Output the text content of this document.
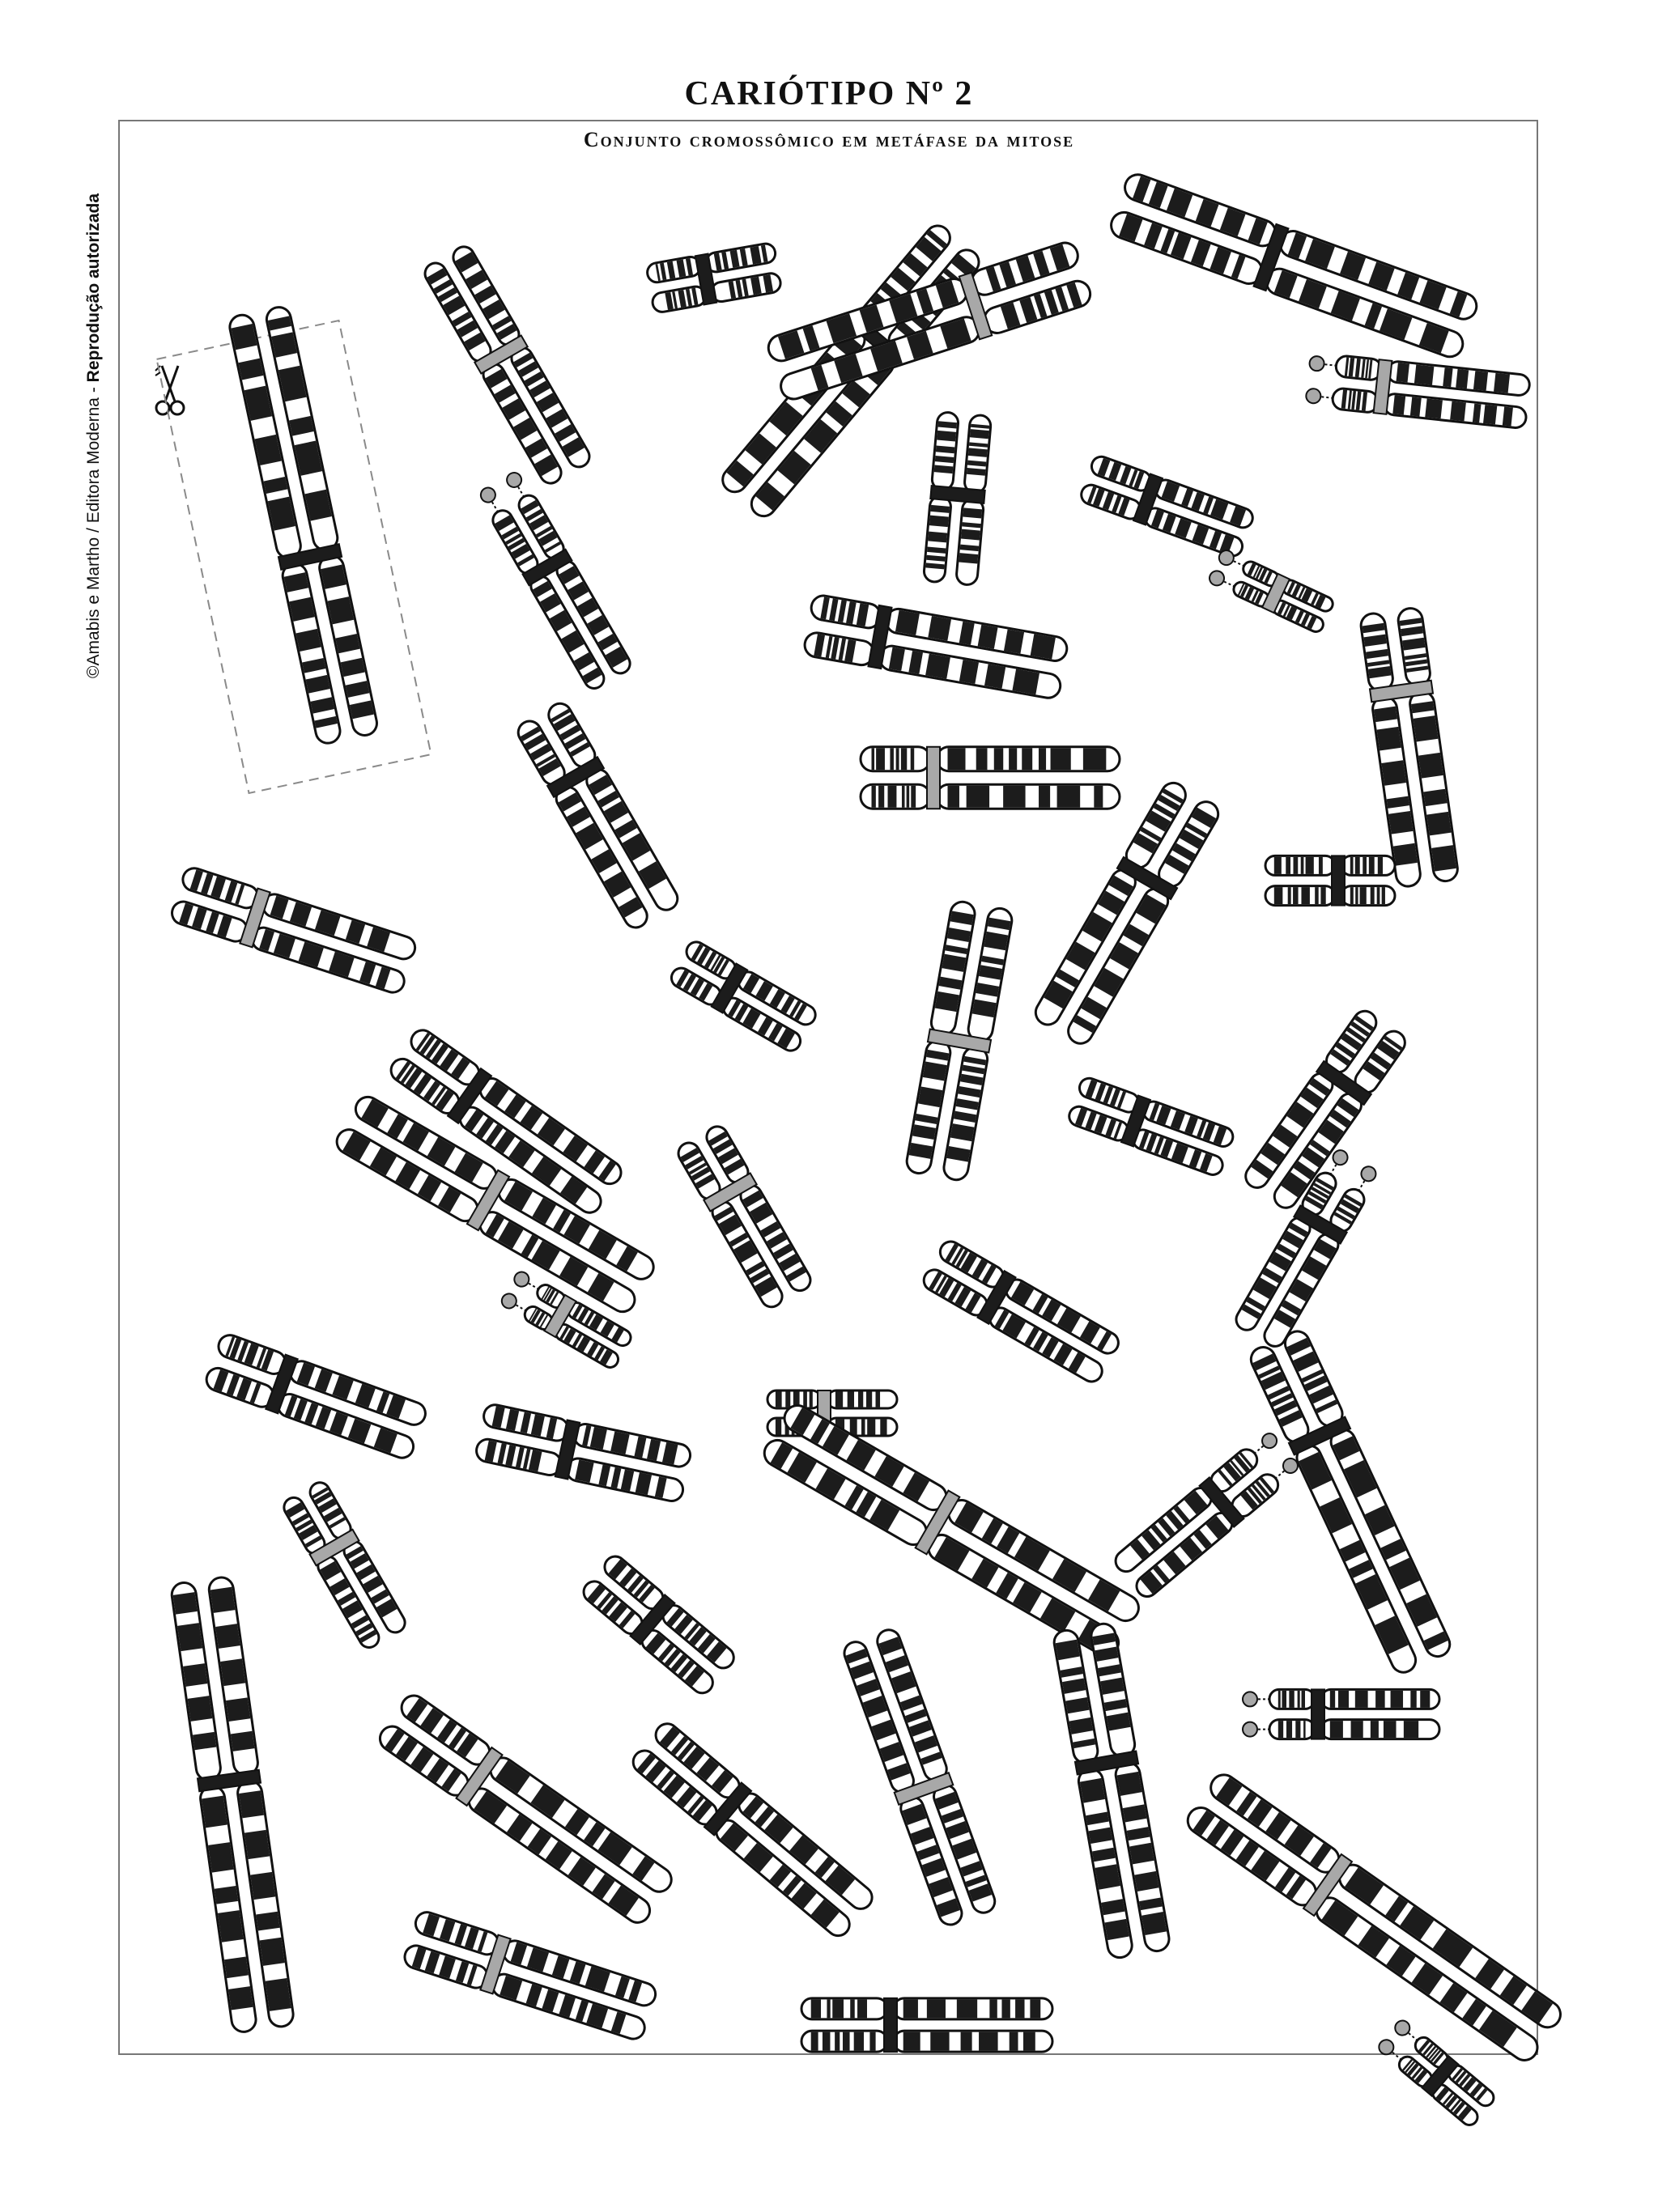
CARIÓTIPO Nº 2
Conjunto cromossômico em metáfase da mitose
©Amabis e Martho / Editora Moderna - Reprodução autorizada
